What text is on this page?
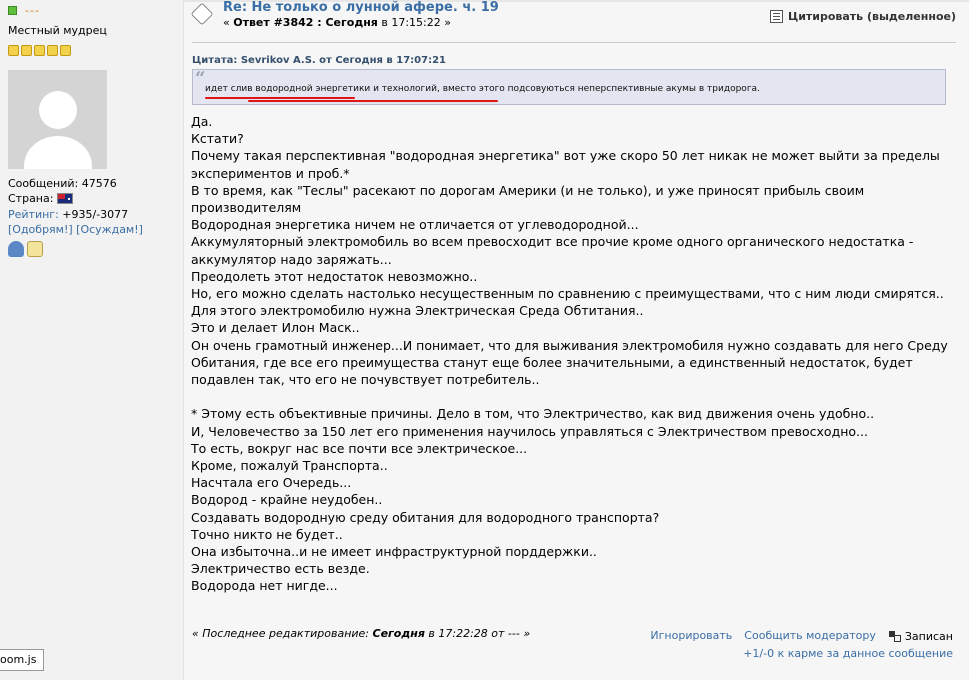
---
Местный мудрец
Сообщений: 47576
Страна:
Рейтинг: +935/-3077
[Одобрям!] [Осуждам!]
oom.js
Re: Не только о лунной афере. ч. 19
« Ответ #3842 : Сегодня в 17:15:22 »	Цитировать (выделенное)
Цитата: Sevrikov A.S. от Сегодня в 17:07:21
“ идет слив водородной энергетики и технологий, вместо этого подсовуються неперспективные акумы в тридорога.

Да.

Кстати?

Почему такая перспективная "водородная энергетика" вот уже скоро 50 лет никак не может выйти за пределы

экспериментов и проб.*

В то время, как "Теслы" расекают по дорогам Америки (и не только), и уже приносят прибыль своим

производителям

Водородная энергетика ничем не отличается от углеводородной...

Аккумуляторный электромобиль во всем превосходит все прочие кроме одного органического недостатка -

аккумулятор надо заряжать...

Преодолеть этот недостаток невозможно..

Но, его можно сделать настолько несущественным по сравнению с преимуществами, что с ним люди смирятся..

Для этого электромобилю нужна Электрическая Среда Обтитания..

Это и делает Илон Маск..

Он очень грамотный инженер...И понимает, что для выживания электромобиля нужно создавать для него Среду

Обитания, где все его преимущества станут еще более значительными, а единственный недостаток, будет

подавлен так, что его не почувствует потребитель..

* Этому есть объективные причины. Дело в том, что Электричество, как вид движения очень удобно..

И, Человечество за 150 лет его применения научилось управляться с Электричеством превосходно...

То есть, вокруг нас все почти все электрическое...

Кроме, пожалуй Транспорта..

Насчтала его Очередь...

Водород - крайне неудобен..

Создавать водородную среду обитания для водородного транспорта?

Точно никто не будет..

Она избыточна..и не имеет инфраструктурной порддержки..

Электричество есть везде.

Водорода нет нигде...

« Последнее редактирование: Сегодня в 17:22:28 от --- »	Игнорировать Сообщить модератору	Записан
+1/-0 к карме за данное сообщение
